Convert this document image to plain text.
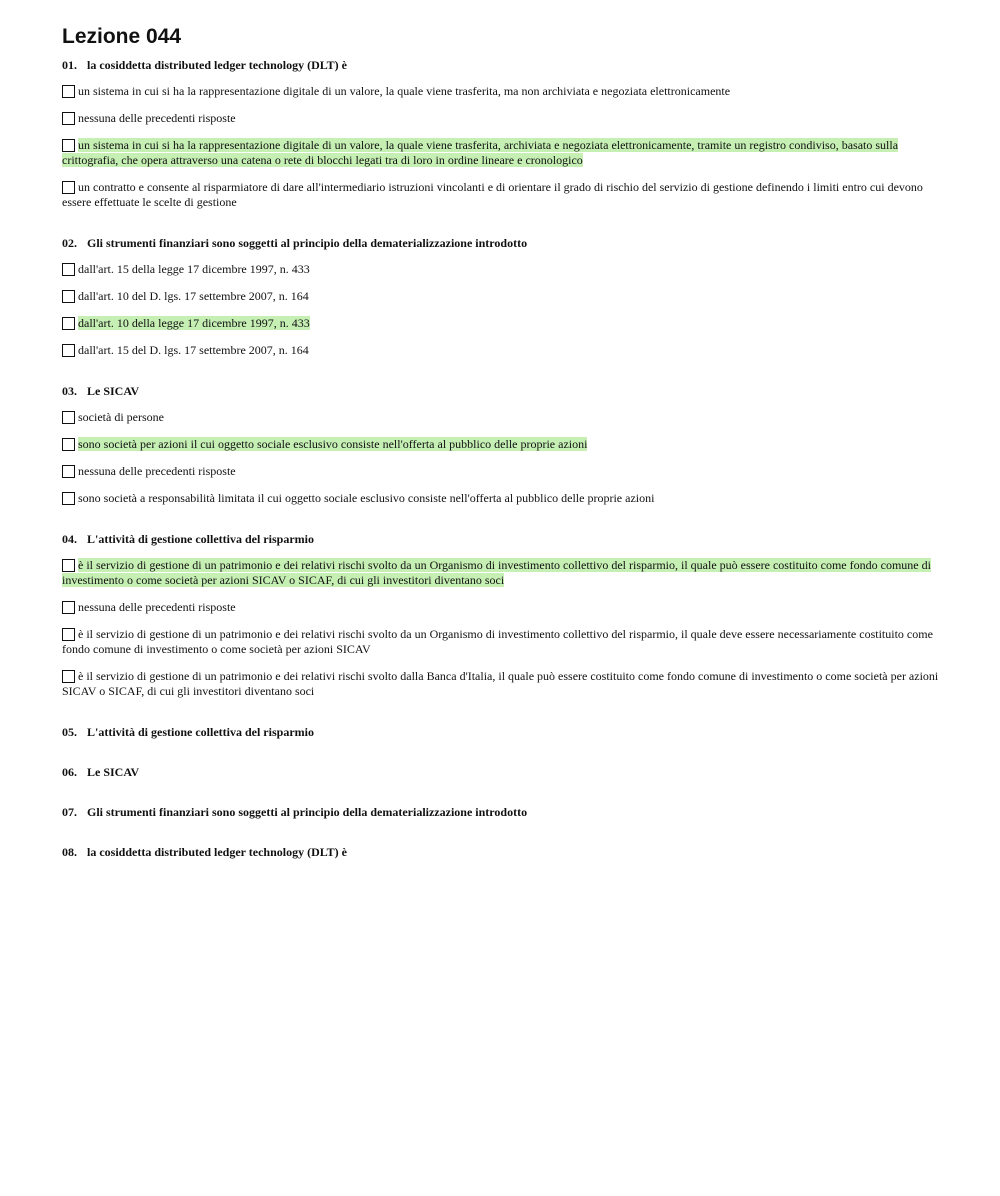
Lezione 044
01. la cosiddetta distributed ledger technology (DLT) è
un sistema in cui si ha la rappresentazione digitale di un valore, la quale viene trasferita, ma non archiviata e negoziata elettronicamente
nessuna delle precedenti risposte
un sistema in cui si ha la rappresentazione digitale di un valore, la quale viene trasferita, archiviata e negoziata elettronicamente, tramite un registro condiviso, basato sulla crittografia, che opera attraverso una catena o rete di blocchi legati tra di loro in ordine lineare e cronologico
un contratto e consente al risparmiatore di dare all'intermediario istruzioni vincolanti e di orientare il grado di rischio del servizio di gestione definendo i limiti entro cui devono essere effettuate le scelte di gestione
02. Gli strumenti finanziari sono soggetti al principio della dematerializzazione introdotto
dall'art. 15 della legge 17 dicembre 1997, n. 433
dall'art. 10 del D. lgs. 17 settembre 2007, n. 164
dall'art. 10 della legge 17 dicembre 1997, n. 433
dall'art. 15 del D. lgs. 17 settembre 2007, n. 164
03. Le SICAV
società di persone
sono società per azioni il cui oggetto sociale esclusivo consiste nell'offerta al pubblico delle proprie azioni
nessuna delle precedenti risposte
sono società a responsabilità limitata il cui oggetto sociale esclusivo consiste nell'offerta al pubblico delle proprie azioni
04. L'attività di gestione collettiva del risparmio
è il servizio di gestione di un patrimonio e dei relativi rischi svolto da un Organismo di investimento collettivo del risparmio, il quale può essere costituito come fondo comune di investimento o come società per azioni SICAV o SICAF, di cui gli investitori diventano soci
nessuna delle precedenti risposte
è il servizio di gestione di un patrimonio e dei relativi rischi svolto da un Organismo di investimento collettivo del risparmio, il quale deve essere necessariamente costituito come fondo comune di investimento o come società per azioni SICAV
è il servizio di gestione di un patrimonio e dei relativi rischi svolto dalla Banca d'Italia, il quale può essere costituito come fondo comune di investimento o come società per azioni SICAV o SICAF, di cui gli investitori diventano soci
05. L'attività di gestione collettiva del risparmio
06. Le SICAV
07. Gli strumenti finanziari sono soggetti al principio della dematerializzazione introdotto
08. la cosiddetta distributed ledger technology (DLT) è
